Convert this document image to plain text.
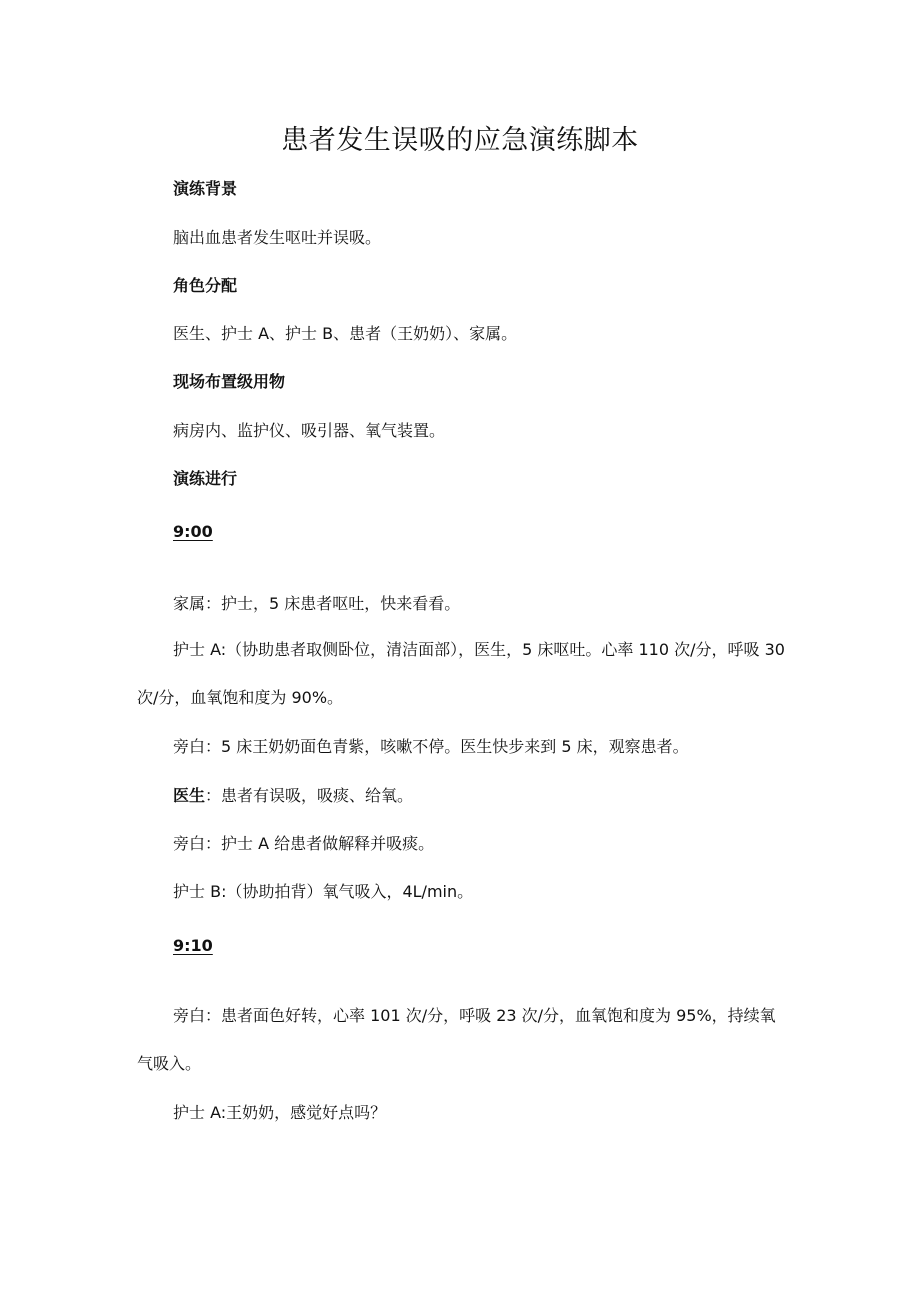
患者发生误吸的应急演练脚本
演练背景
脑出血患者发生呕吐并误吸。
角色分配
医生、护士 A、护士 B、患者（王奶奶）、家属。
现场布置级用物
病房内、监护仪、吸引器、氧气装置。
演练进行
9:00
家属：护士，5 床患者呕吐，快来看看。
护士 A:（协助患者取侧卧位，清洁面部），医生，5 床呕吐。心率 110 次/分，呼吸 30 次/分，血氧饱和度为 90%。
旁白：5 床王奶奶面色青紫，咳嗽不停。医生快步来到 5 床，观察患者。
医生：患者有误吸，吸痰、给氧。
旁白：护士 A 给患者做解释并吸痰。
护士 B:（协助拍背）氧气吸入，4L/min。
9:10
旁白：患者面色好转，心率 101 次/分，呼吸 23 次/分，血氧饱和度为 95%，持续氧气吸入。
护士 A:王奶奶，感觉好点吗？
